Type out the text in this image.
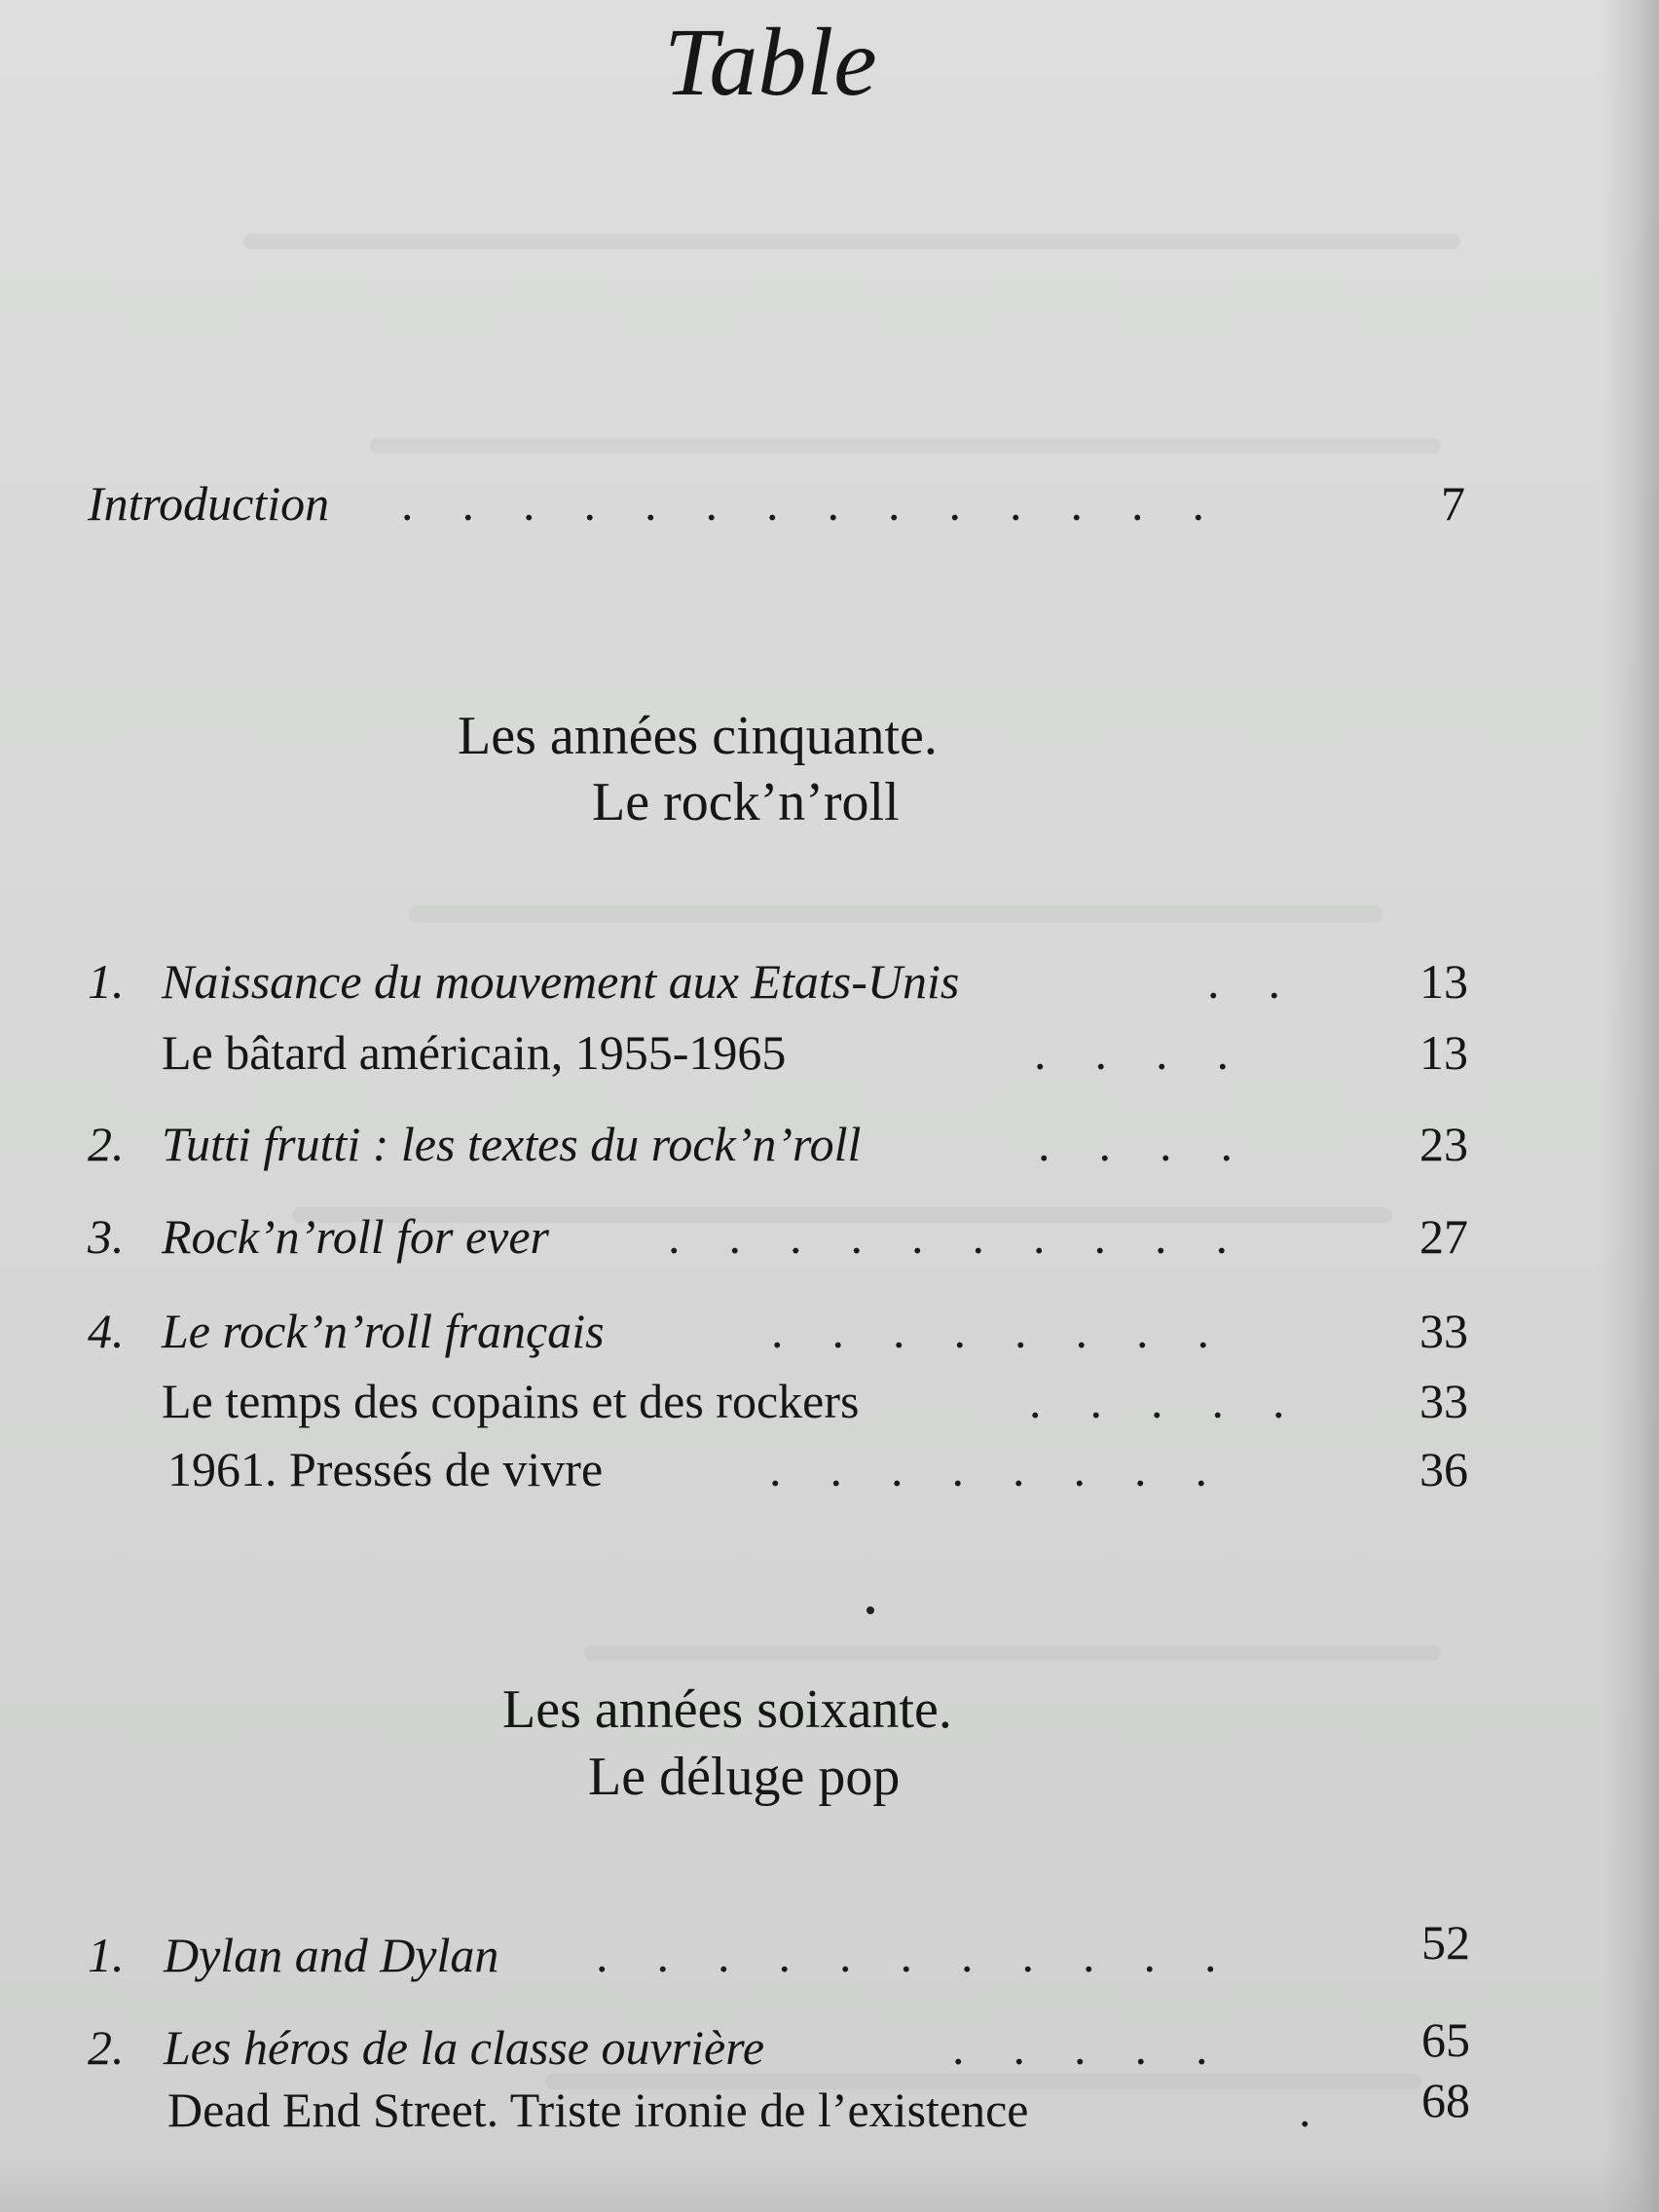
Table
Introduction .    .    .    .    .    .    .    .    .    .    .    .    .    .	7
Les années cinquante.
Le rock’n’roll
1. Naissance du mouvement aux Etats-Unis	.    .	13
Le bâtard américain, 1955-1965	.    .    .    .	13
2. Tutti frutti : les textes du rock’n’roll	.    .    .    .	23
3. Rock’n’roll for ever .    .    .    .    .    .    .    .    .    .	27
4. Le rock’n’roll français	.    .    .    .    .    .    .    .	33
Le temps des copains et des rockers	.    .    .    .    .	33
1961. Pressés de vivre	.    .    .    .    .    .    .    .	36
Les années soixante.
Le déluge pop
1. Dylan and Dylan .    .    .    .    .    .    .    .    .    .    .	52
2. Les héros de la classe ouvrière	.    .    .    .    .	65
Dead End Street. Triste ironie de l’existence	.	68
